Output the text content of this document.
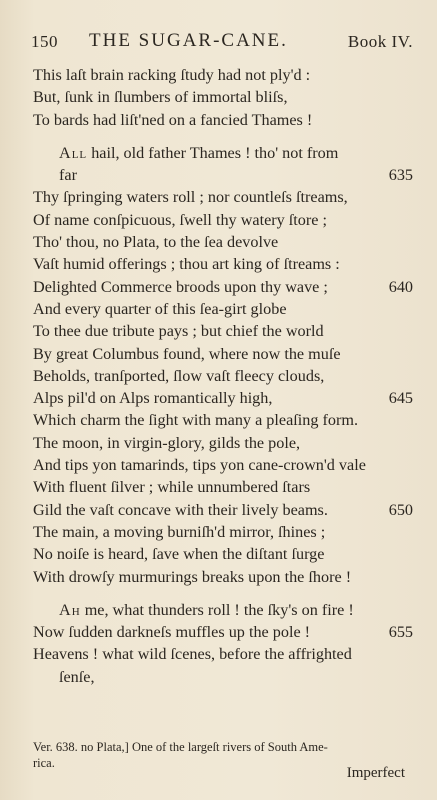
150 THE SUGAR-CANE.	Book IV.
This laſt brain racking ſtudy had not ply'd :
But, ſunk in ſlumbers of immortal bliſs,
To bards had liſt'ned on a fancied Thames !
All hail, old father Thames ! tho' not from
far	635
Thy ſpringing waters roll ; nor countleſs ſtreams,
Of name conſpicuous, ſwell thy watery ſtore ;
Tho' thou, no Plata, to the ſea devolve
Vaſt humid offerings ; thou art king of ſtreams :
Delighted Commerce broods upon thy wave ;	640
And every quarter of this ſea-girt globe
To thee due tribute pays ; but chief the world
By great Columbus found, where now the muſe
Beholds, tranſported, ſlow vaſt fleecy clouds,
Alps pil'd on Alps romantically high,	645
Which charm the ſight with many a pleaſing form.
The moon, in virgin-glory, gilds the pole,
And tips yon tamarinds, tips yon cane-crown'd vale
With fluent ſilver ; while unnumbered ſtars
Gild the vaſt concave with their lively beams.	650
The main, a moving burniſh'd mirror, ſhines ;
No noiſe is heard, ſave when the diſtant ſurge
With drowſy murmurings breaks upon the ſhore !
Ah me, what thunders roll ! the ſky's on fire !
Now ſudden darkneſs muffles up the pole !	655
Heavens ! what wild ſcenes, before the affrighted
ſenſe,
Ver. 638. no Plata,] One of the largeſt rivers of South Ame-
rica.
Imperfect
